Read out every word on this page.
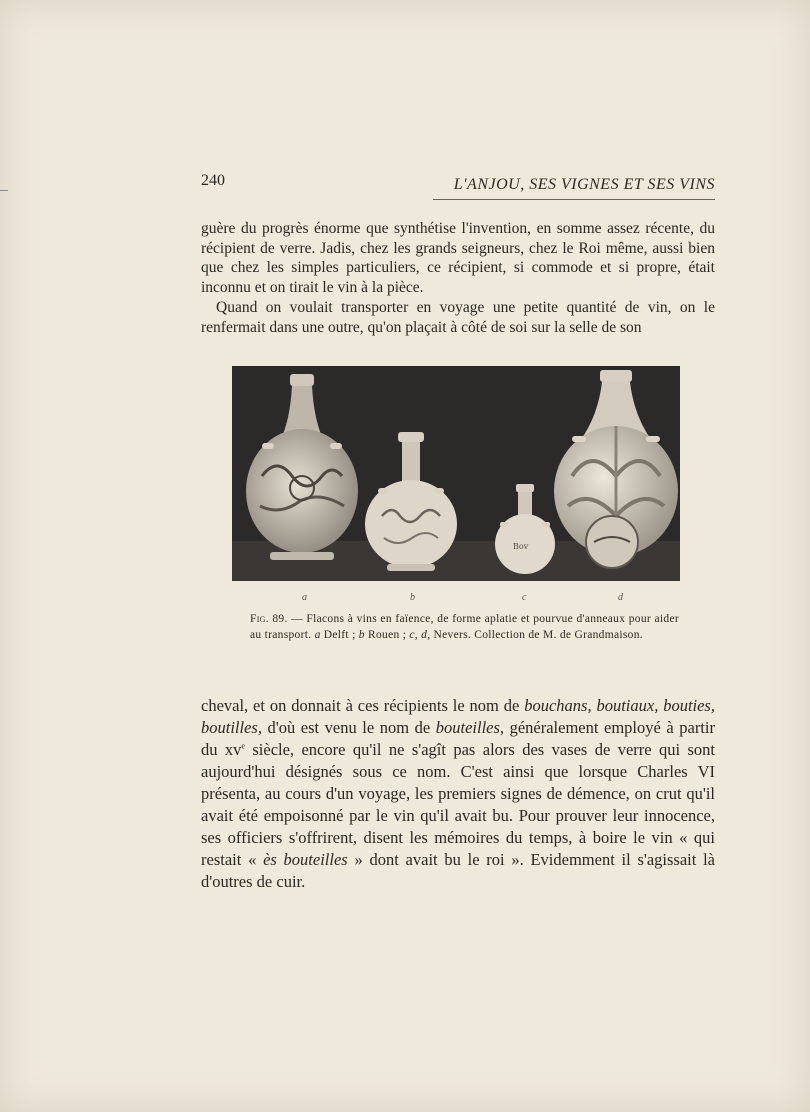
240	L'ANJOU, SES VIGNES ET SES VINS

guère du progrès énorme que synthétise l'invention, en somme assez récente, du récipient de verre. Jadis, chez les grands seigneurs, chez le Roi même, aussi bien que chez les simples particuliers, ce récipient, si commode et si propre, était inconnu et on tirait le vin à la pièce.

Quand on voulait transporter en voyage une petite quantité de vin, on le renfermait dans une outre, qu'on plaçait à côté de soi sur la selle de son

Bov
a	b	c	d

Fig. 89. — Flacons à vins en faïence, de forme aplatie et pourvue d'anneaux pour aider au transport. a Delft ; b Rouen ; c, d, Nevers. Collection de M. de Grandmaison.

cheval, et on donnait à ces récipients le nom de bouchans, boutiaux, bouties, boutilles, d'où est venu le nom de bouteilles, généralement employé à partir du $xv^e$ siècle, encore qu'il ne s'agît pas alors des vases de verre qui sont aujourd'hui désignés sous ce nom. C'est ainsi que lorsque Charles VI présenta, au cours d'un voyage, les premiers signes de démence, on crut qu'il avait été empoisonné par le vin qu'il avait bu. Pour prouver leur innocence, ses officiers s'offrirent, disent les mémoires du temps, à boire le vin « qui restait « ès bouteilles » dont avait bu le roi ». Evidemment il s'agissait là d'outres de cuir.
